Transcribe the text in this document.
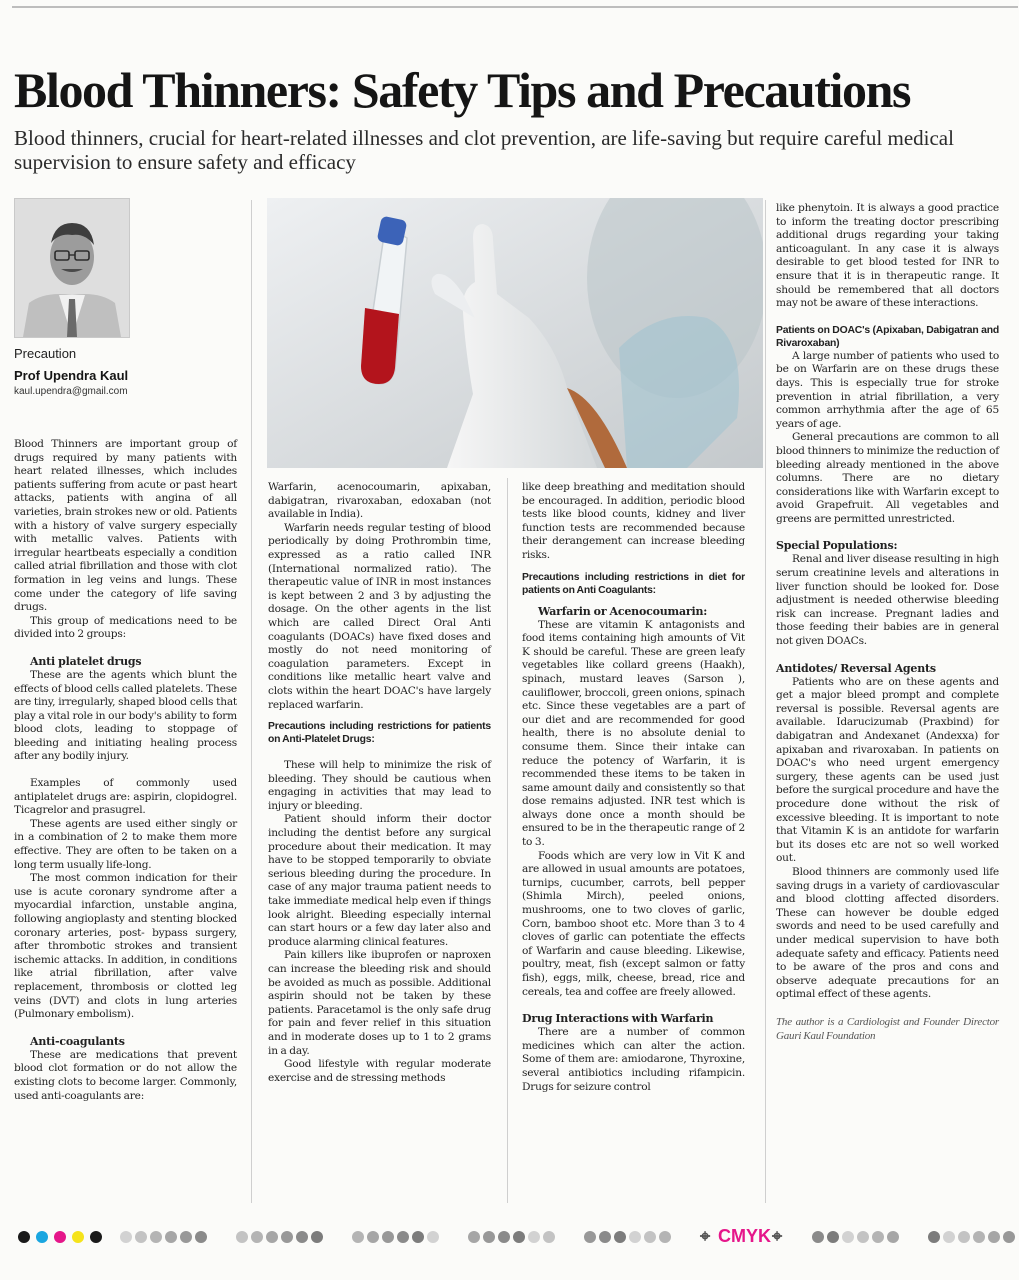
Blood Thinners: Safety Tips and Precautions

Blood thinners, crucial for heart-related illnesses and clot prevention, are life-saving but require careful medical supervision to ensure safety and efficacy

Precaution
Prof Upendra Kaul
kaul.upendra@gmail.com

Blood Thinners are important group of drugs required by many patients with heart related illnesses, which includes patients suffering from acute or past heart attacks, patients with angina of all varieties, brain strokes new or old. Patients with a history of valve surgery especially with metallic valves. Patients with irregular heartbeats especially a condition called atrial fibrillation and those with clot formation in leg veins and lungs. These come under the category of life saving drugs.

This group of medications need to be divided into 2 groups:

Anti platelet drugs

These are the agents which blunt the effects of blood cells called platelets. These are tiny, irregularly, shaped blood cells that play a vital role in our body's ability to form blood clots, leading to stoppage of bleeding and initiating healing process after any bodily injury.

Examples of commonly used antiplatelet drugs are: aspirin, clopidogrel. Ticagrelor and prasugrel.

These agents are used either singly or in a combination of 2 to make them more effective. They are often to be taken on a long term usually life-long.

The most common indication for their use is acute coronary syndrome after a myocardial infarction, unstable angina, following angioplasty and stenting blocked coronary arteries, post- bypass surgery, after thrombotic strokes and transient ischemic attacks. In addition, in conditions like atrial fibrillation, after valve replacement, thrombosis or clotted leg veins (DVT) and clots in lung arteries (Pulmonary embolism).

Anti-coagulants

These are medications that prevent blood clot formation or do not allow the existing clots to become larger. Commonly, used anti-coagulants are:

Warfarin, acenocoumarin, apixaban, dabigatran, rivaroxaban, edoxaban (not available in India).

Warfarin needs regular testing of blood periodically by doing Prothrombin time, expressed as a ratio called INR (International normalized ratio). The therapeutic value of INR in most instances is kept between 2 and 3 by adjusting the dosage. On the other agents in the list which are called Direct Oral Anti coagulants (DOACs) have fixed doses and mostly do not need monitoring of coagulation parameters. Except in conditions like metallic heart valve and clots within the heart DOAC's have largely replaced warfarin.

Precautions including restrictions for patients on Anti-Platelet Drugs:

These will help to minimize the risk of bleeding. They should be cautious when engaging in activities that may lead to injury or bleeding.

Patient should inform their doctor including the dentist before any surgical procedure about their medication. It may have to be stopped temporarily to obviate serious bleeding during the procedure. In case of any major trauma patient needs to take immediate medical help even if things look alright. Bleeding especially internal can start hours or a few day later also and produce alarming clinical features.

Pain killers like ibuprofen or naproxen can increase the bleeding risk and should be avoided as much as possible. Additional aspirin should not be taken by these patients. Paracetamol is the only safe drug for pain and fever relief in this situation and in moderate doses up to 1 to 2 grams in a day.

Good lifestyle with regular moderate exercise and de stressing methods

like deep breathing and meditation should be encouraged. In addition, periodic blood tests like blood counts, kidney and liver function tests are recommended because their derangement can increase bleeding risks.

Precautions including restrictions in diet for patients on Anti Coagulants:

Warfarin or Acenocoumarin:

These are vitamin K antagonists and food items containing high amounts of Vit K should be careful. These are green leafy vegetables like collard greens (Haakh), spinach, mustard leaves (Sarson ), cauliflower, broccoli, green onions, spinach etc. Since these vegetables are a part of our diet and are recommended for good health, there is no absolute denial to consume them. Since their intake can reduce the potency of Warfarin, it is recommended these items to be taken in same amount daily and consistently so that dose remains adjusted. INR test which is always done once a month should be ensured to be in the therapeutic range of 2 to 3.

Foods which are very low in Vit K and are allowed in usual amounts are potatoes, turnips, cucumber, carrots, bell pepper (Shimla Mirch), peeled onions, mushrooms, one to two cloves of garlic, Corn, bamboo shoot etc. More than 3 to 4 cloves of garlic can potentiate the effects of Warfarin and cause bleeding. Likewise, poultry, meat, fish (except salmon or fatty fish), eggs, milk, cheese, bread, rice and cereals, tea and coffee are freely allowed.

Drug Interactions with Warfarin

There are a number of common medicines which can alter the action. Some of them are: amiodarone, Thyroxine, several antibiotics including rifampicin. Drugs for seizure control

like phenytoin. It is always a good practice to inform the treating doctor prescribing additional drugs regarding your taking anticoagulant. In any case it is always desirable to get blood tested for INR to ensure that it is in therapeutic range. It should be remembered that all doctors may not be aware of these interactions.

Patients on DOAC's (Apixaban, Dabigatran and Rivaroxaban)

A large number of patients who used to be on Warfarin are on these drugs these days. This is especially true for stroke prevention in atrial fibrillation, a very common arrhythmia after the age of 65 years of age.

General precautions are common to all blood thinners to minimize the reduction of bleeding already mentioned in the above columns. There are no dietary considerations like with Warfarin except to avoid Grapefruit. All vegetables and greens are permitted unrestricted.

Special Populations:

Renal and liver disease resulting in high serum creatinine levels and alterations in liver function should be looked for. Dose adjustment is needed otherwise bleeding risk can increase. Pregnant ladies and those feeding their babies are in general not given DOACs.

Antidotes/ Reversal Agents

Patients who are on these agents and get a major bleed prompt and complete reversal is possible. Reversal agents are available. Idarucizumab (Praxbind) for dabigatran and Andexanet (Andexxa) for apixaban and rivaroxaban. In patients on DOAC's who need urgent emergency surgery, these agents can be used just before the surgical procedure and have the procedure done without the risk of excessive bleeding. It is important to note that Vitamin K is an antidote for warfarin but its doses etc are not so well worked out.

Blood thinners are commonly used life saving drugs in a variety of cardiovascular and blood clotting affected disorders. These can however be double edged swords and need to be used carefully and under medical supervision to have both adequate safety and efficacy. Patients need to be aware of the pros and cons and observe adequate precautions for an optimal effect of these agents.

The author is a Cardiologist and Founder Director Gauri Kaul Foundation

⌖ CMYK ⌖
